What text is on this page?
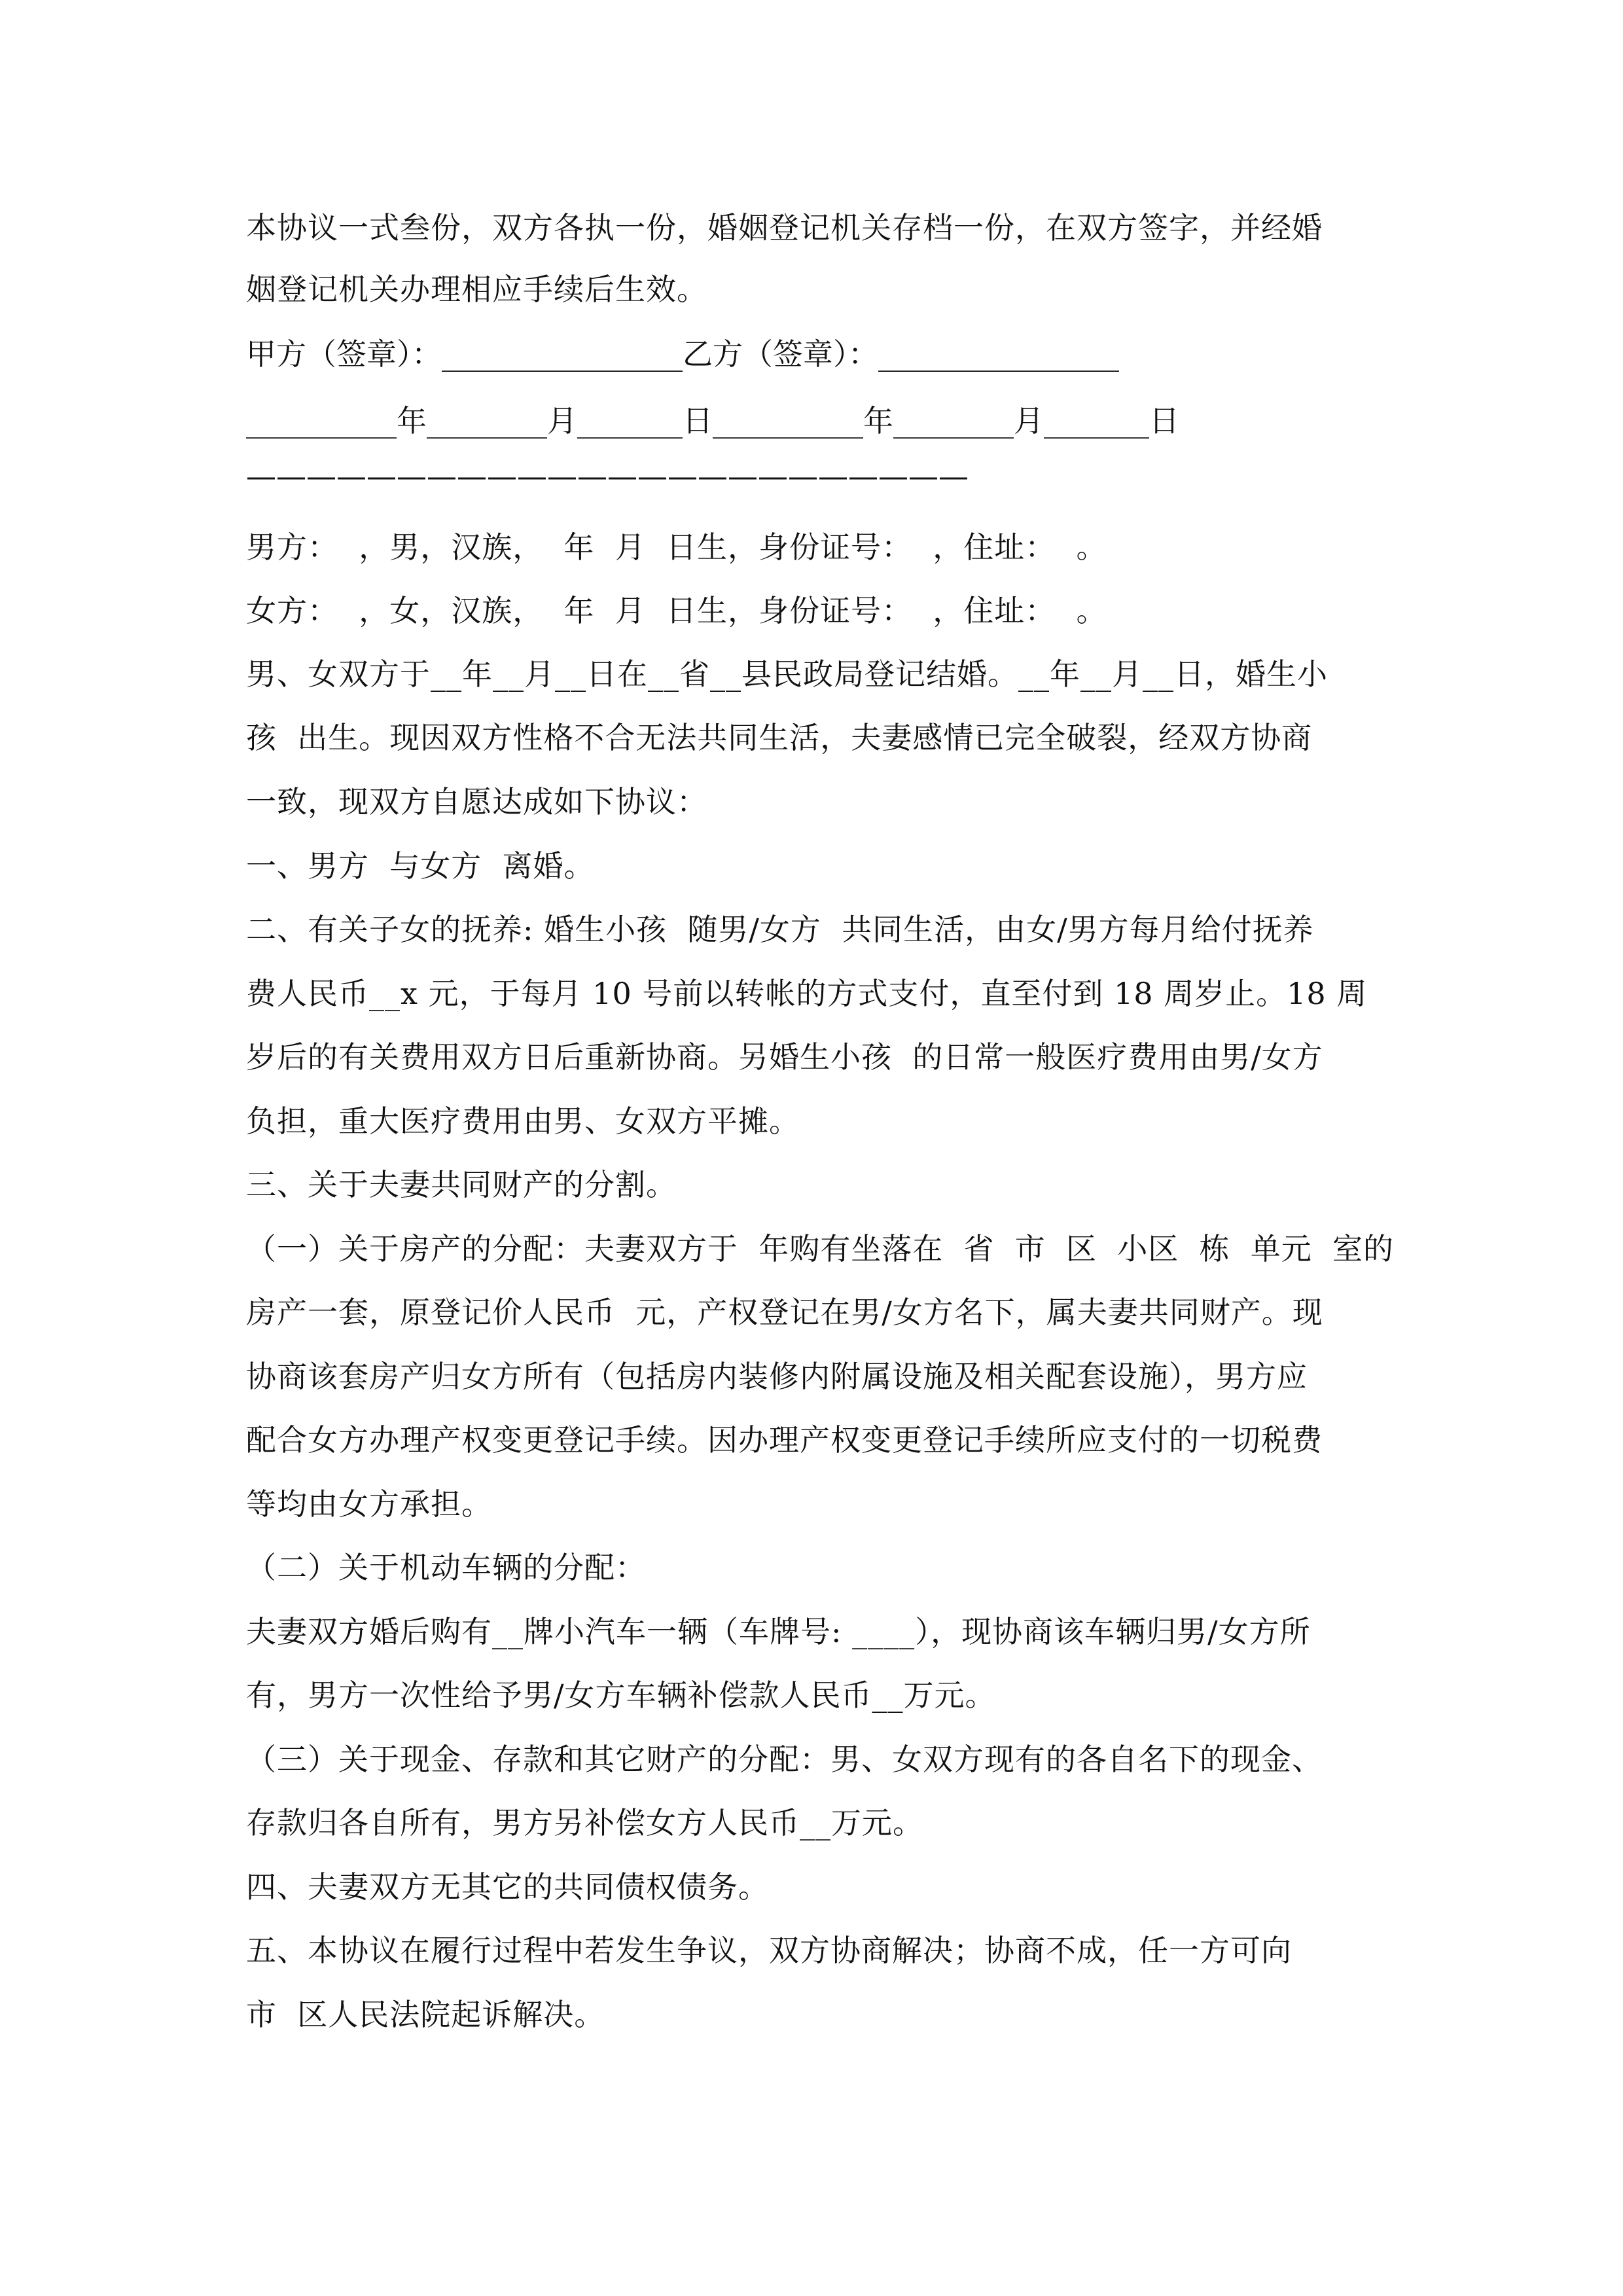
本协议一式叁份，双方各执一份，婚姻登记机关存档一份，在双方签字，并经婚
姻登记机关办理相应手续后生效。
甲方（签章）：________________乙方（签章）：________________
__________年________月_______日__________年________月_______日
————————————————————————
男方：  ，男，汉族，  年  月  日生，身份证号：  ，住址：  。
女方：  ，女，汉族，  年  月  日生，身份证号：  ，住址：  。
男、女双方于__年__月__日在__省__县民政局登记结婚。__年__月__日，婚生小
孩  出生。现因双方性格不合无法共同生活，夫妻感情已完全破裂，经双方协商
一致，现双方自愿达成如下协议：
一、男方  与女方  离婚。
二、有关子女的抚养: 婚生小孩  随男/女方  共同生活，由女/男方每月给付抚养
费人民币__x 元，于每月 10 号前以转帐的方式支付，直至付到 18 周岁止。18 周
岁后的有关费用双方日后重新协商。另婚生小孩  的日常一般医疗费用由男/女方
负担，重大医疗费用由男、女双方平摊。
三、关于夫妻共同财产的分割。
（一）关于房产的分配：夫妻双方于  年购有坐落在  省  市  区  小区  栋  单元  室的
房产一套，原登记价人民币  元，产权登记在男/女方名下，属夫妻共同财产。现
协商该套房产归女方所有（包括房内装修内附属设施及相关配套设施），男方应
配合女方办理产权变更登记手续。因办理产权变更登记手续所应支付的一切税费
等均由女方承担。
（二）关于机动车辆的分配：
夫妻双方婚后购有__牌小汽车一辆（车牌号: ____），现协商该车辆归男/女方所
有，男方一次性给予男/女方车辆补偿款人民币__万元。
（三）关于现金、存款和其它财产的分配：男、女双方现有的各自名下的现金、
存款归各自所有，男方另补偿女方人民币__万元。
四、夫妻双方无其它的共同债权债务。
五、本协议在履行过程中若发生争议，双方协商解决；协商不成，任一方可向
市  区人民法院起诉解决。
